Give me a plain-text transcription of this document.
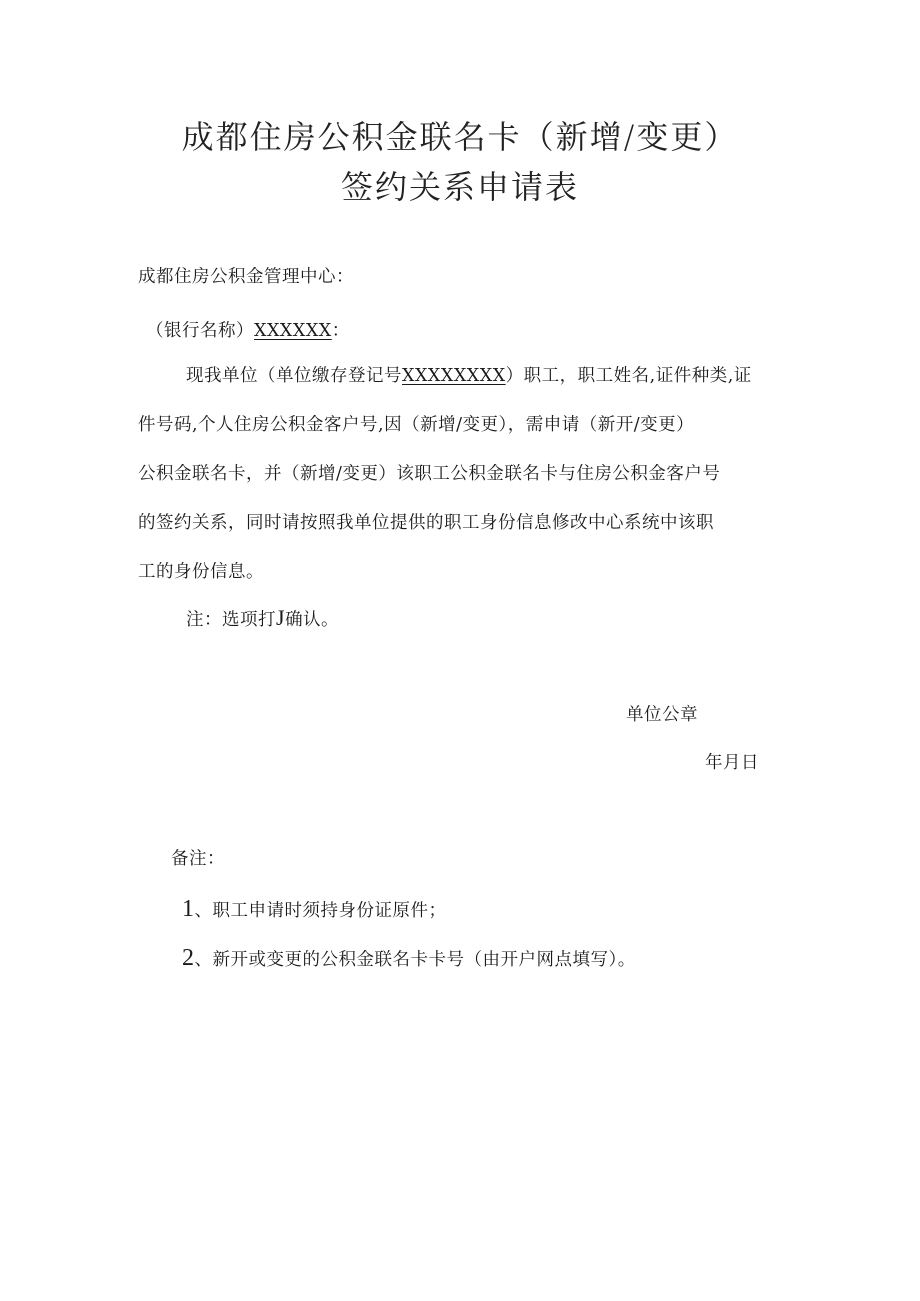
成都住房公积金联名卡（新增/变更）
签约关系申请表
成都住房公积金管理中心：
（银行名称）XXXXXX：
现我单位（单位缴存登记号XXXXXXXX）职工，职工姓名,证件种类,证
件号码,个人住房公积金客户号,因（新增/变更），需申请（新开/变更）
公积金联名卡，并（新增/变更）该职工公积金联名卡与住房公积金客户号
的签约关系，同时请按照我单位提供的职工身份信息修改中心系统中该职
工的身份信息。
注：选项打J确认。
单位公章
年月日
备注：
1、职工申请时须持身份证原件；
2、新开或变更的公积金联名卡卡号（由开户网点填写）。
